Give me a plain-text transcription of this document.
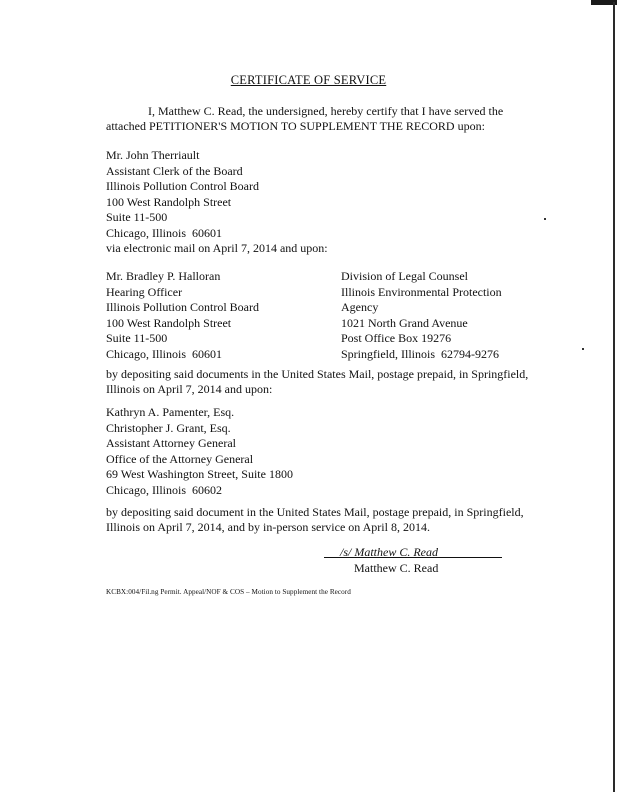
CERTIFICATE OF SERVICE
I, Matthew C. Read, the undersigned, hereby certify that I have served the
attached PETITIONER'S MOTION TO SUPPLEMENT THE RECORD upon:
Mr. John Therriault
Assistant Clerk of the Board
Illinois Pollution Control Board
100 West Randolph Street
Suite 11-500
Chicago, Illinois  60601
via electronic mail on April 7, 2014 and upon:
Mr. Bradley P. Halloran
Hearing Officer
Illinois Pollution Control Board
100 West Randolph Street
Suite 11-500
Chicago, Illinois  60601
Division of Legal Counsel
Illinois Environmental Protection
Agency
1021 North Grand Avenue
Post Office Box 19276
Springfield, Illinois  62794-9276
by depositing said documents in the United States Mail, postage prepaid, in Springfield,
Illinois on April 7, 2014 and upon:
Kathryn A. Pamenter, Esq.
Christopher J. Grant, Esq.
Assistant Attorney General
Office of the Attorney General
69 West Washington Street, Suite 1800
Chicago, Illinois  60602
by depositing said document in the United States Mail, postage prepaid, in Springfield,
Illinois on April 7, 2014, and by in-person service on April 8, 2014.
/s/ Matthew C. Read
Matthew C. Read
KCBX:004/Fil.ng Permit. Appeal/NOF & COS – Motion to Supplement the Record
